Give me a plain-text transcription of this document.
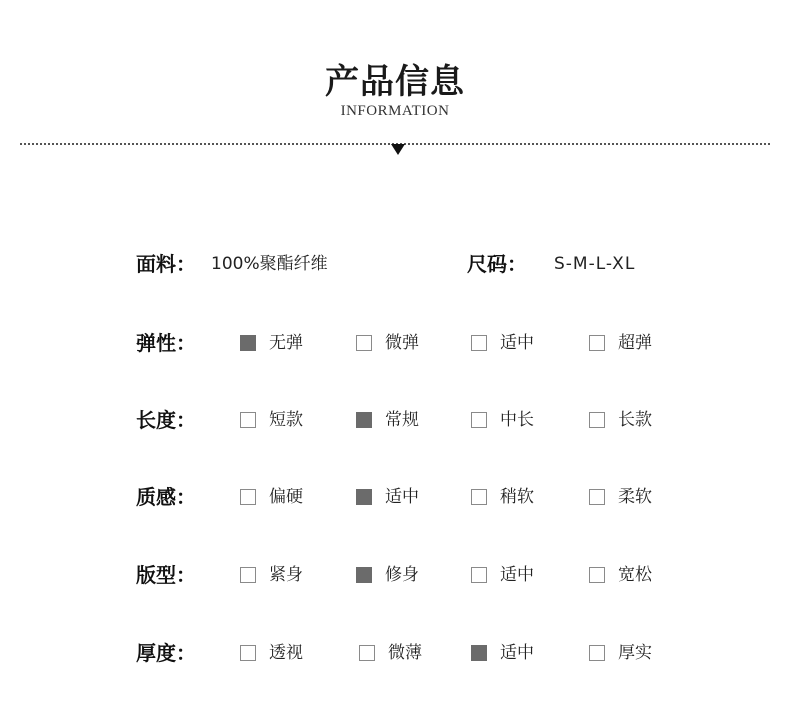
产品信息
INFORMATION
面料： 100%聚酯纤维	尺码： S-M-L-XL
弹性：	无弹	微弹	适中	超弹
长度：	短款	常规	中长	长款
质感：	偏硬	适中	稍软	柔软
版型：	紧身	修身	适中	宽松
厚度：	透视	微薄	适中	厚实
